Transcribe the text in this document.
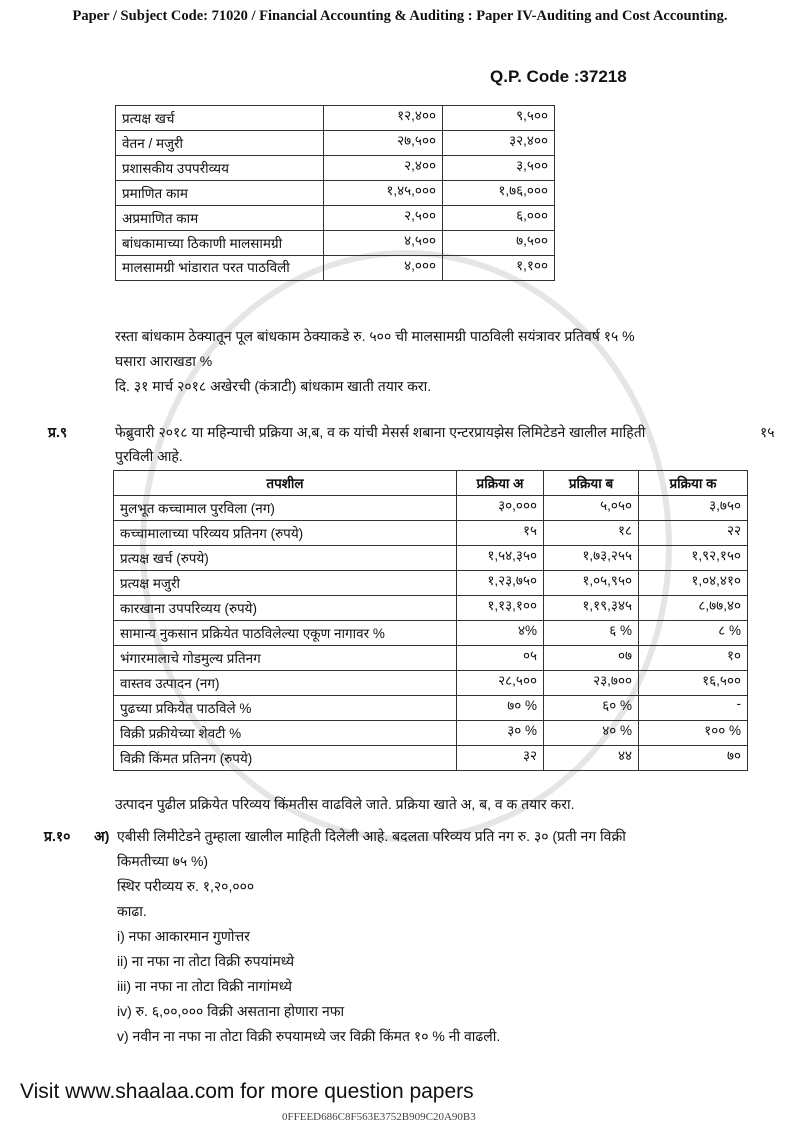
Paper / Subject Code: 71020 / Financial Accounting & Auditing : Paper IV-Auditing and Cost Accounting.
Q.P. Code :37218
प्रत्यक्ष खर्च	१२,४००	९,५००
वेतन / मजुरी	२७,५००	३२,४००
प्रशासकीय उपपरीव्यय	२,४००	३,५००
प्रमाणित काम	१,४५,०००	१,७६,०००
अप्रमाणित काम	२,५००	६,०००
बांधकामाच्या ठिकाणी मालसामग्री	४,५००	७,५००
मालसामग्री भांडारात परत पाठविली	४,०००	१,१००
रस्ता बांधकाम ठेक्यातून पूल बांधकाम ठेक्याकडे रु. ५०० ची मालसामग्री पाठविली सयंत्रावर प्रतिवर्ष १५ %
घसारा आराखडा %
दि. ३१ मार्च २०१८ अखेरची (कंत्राटी) बांधकाम खाती तयार करा.
प्र.९	फेब्रुवारी २०१८ या महिन्याची प्रक्रिया अ,ब, व क यांची मेसर्स शबाना एन्टरप्रायझेस लिमिटेडने खालील माहिती
पुरविली आहे.
१५
तपशील	प्रक्रिया अ	प्रक्रिया ब	प्रक्रिया क
मुलभूत कच्चामाल पुरविला (नग)	३०,०००	५,०५०	३,७५०
कच्चामालाच्या परिव्यय प्रतिनग (रुपये)	१५	१८	२२
प्रत्यक्ष खर्च (रुपये)	१,५४,३५०	१,७३,२५५	१,९२,१५०
प्रत्यक्ष मजुरी	१,२३,७५०	१,०५,९५०	१,०४,४१०
कारखाना उपपरिव्यय (रुपये)	१,१३,१००	१,१९,३४५	८,७७,४०
सामान्य नुकसान प्रक्रियेत पाठविलेल्या एकूण नागावर %	४%	६ %	८ %
भंगारमालाचे गोडमुल्य प्रतिनग	०५	०७	१०
वास्तव उत्पादन (नग)	२८,५००	२३,७००	१६,५००
पुढच्या प्रकियेत पाठविले %	७० %	६० %	-
विक्री प्रक्रीयेच्या शेवटी %	३० %	४० %	१०० %
विक्री किंमत प्रतिनग (रुपये)	३२	४४	७०
उत्पादन पुढील प्रक्रियेत परिव्यय किंमतीस वाढविले जाते. प्रक्रिया खाते अ, ब, व क तयार करा.
प्र.१० अ) एबीसी लिमीटेडने तुम्हाला खालील माहिती दिलेली आहे. बदलता परिव्यय प्रति नग रु. ३० (प्रती नग विक्री
किमतीच्या ७५ %)
स्थिर परीव्यय रु. १,२०,०००
काढा.
i) नफा आकारमान गुणोत्तर
ii) ना नफा ना तोटा विक्री रुपयांमध्ये
iii) ना नफा ना तोटा विक्री नागांमध्ये
iv) रु. ६,००,००० विक्री असताना होणारा नफा
v) नवीन ना नफा ना तोटा विक्री रुपयामध्ये जर विक्री किंमत १० % नी वाढली.
Visit www.shaalaa.com for more question papers
0FFEED686C8F563E3752B909C20A90B3
